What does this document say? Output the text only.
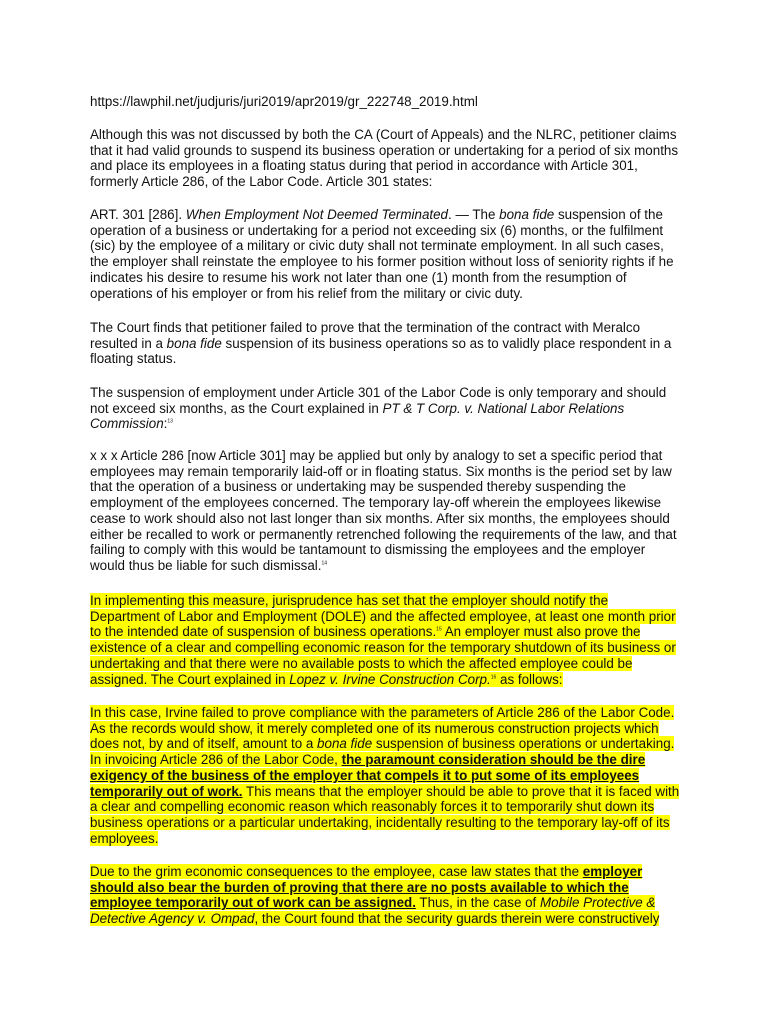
https://lawphil.net/judjuris/juri2019/apr2019/gr_222748_2019.html

Although this was not discussed by both the CA (Court of Appeals) and the NLRC, petitioner claims that it had valid grounds to suspend its business operation or undertaking for a period of six months and place its employees in a floating status during that period in accordance with Article 301, formerly Article 286, of the Labor Code. Article 301 states:

ART. 301 [286]. When Employment Not Deemed Terminated. — The bona fide suspension of the operation of a business or undertaking for a period not exceeding six (6) months, or the fulfilment (sic) by the employee of a military or civic duty shall not terminate employment. In all such cases, the employer shall reinstate the employee to his former position without loss of seniority rights if he indicates his desire to resume his work not later than one (1) month from the resumption of operations of his employer or from his relief from the military or civic duty.

The Court finds that petitioner failed to prove that the termination of the contract with Meralco resulted in a bona fide suspension of its business operations so as to validly place respondent in a floating status.

The suspension of employment under Article 301 of the Labor Code is only temporary and should not exceed six months, as the Court explained in PT & T Corp. v. National Labor Relations Commission:$^{13}$

x x x Article 286 [now Article 301] may be applied but only by analogy to set a specific period that employees may remain temporarily laid-off or in floating status. Six months is the period set by law that the operation of a business or undertaking may be suspended thereby suspending the employment of the employees concerned. The temporary lay-off wherein the employees likewise cease to work should also not last longer than six months. After six months, the employees should either be recalled to work or permanently retrenched following the requirements of the law, and that failing to comply with this would be tantamount to dismissing the employees and the employer would thus be liable for such dismissal.$^{14}$

In implementing this measure, jurisprudence has set that the employer should notify the Department of Labor and Employment (DOLE) and the affected employee, at least one month prior to the intended date of suspension of business operations.$^{15}$ An employer must also prove the existence of a clear and compelling economic reason for the temporary shutdown of its business or undertaking and that there were no available posts to which the affected employee could be assigned. The Court explained in Lopez v. Irvine Construction Corp.$^{16}$ as follows:

In this case, Irvine failed to prove compliance with the parameters of Article 286 of the Labor Code. As the records would show, it merely completed one of its numerous construction projects which does not, by and of itself, amount to a bona fide suspension of business operations or undertaking. In invoicing Article 286 of the Labor Code, the paramount consideration should be the dire exigency of the business of the employer that compels it to put some of its employees temporarily out of work. This means that the employer should be able to prove that it is faced with a clear and compelling economic reason which reasonably forces it to temporarily shut down its business operations or a particular undertaking, incidentally resulting to the temporary lay-off of its employees.

Due to the grim economic consequences to the employee, case law states that the employer should also bear the burden of proving that there are no posts available to which the employee temporarily out of work can be assigned. Thus, in the case of Mobile Protective & Detective Agency v. Ompad, the Court found that the security guards therein were constructively
